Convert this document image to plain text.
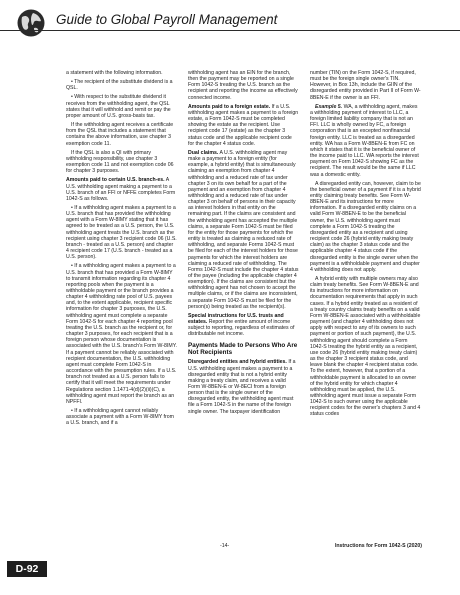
Guide to Global Payroll Management

a statement with the following information.

• The recipient of the substitute dividend is a QSL.

• With respect to the substitute dividend it receives from the withholding agent, the QSL states that it will withhold and remit or pay the proper amount of U.S. gross-basis tax.

If the withholding agent receives a certificate from the QSL that includes a statement that contains the above information, use chapter 3 exemption code 11.

If the QSL is also a QI with primary withholding responsibility, use chapter 3 exemption code 11 and not exemption code 06 for chapter 3 purposes.

Amounts paid to certain U.S. branch-es. A U.S. withholding agent making a payment to a U.S. branch of an FFI or NFFE completes Form 1042-S as follows.

• If a withholding agent makes a payment to a U.S. branch that has provided the withholding agent with a Form W-8IMY stating that it has agreed to be treated as a U.S. person, the U.S. withholding agent treats the U.S. branch as the recipient using chapter 3 recipient code 06 (U.S. branch - treated as a U.S. person) and chapter 4 recipient code 17 (U.S. branch - treated as a U.S. person).

• If a withholding agent makes a payment to a U.S. branch that has provided a Form W-8IMY to transmit information regarding its chapter 4 reporting pools when the payment is a withholdable payment or the branch provides a chapter 4 withholding rate pool of U.S. payees and, to the extent applicable, recipient specific information for chapter 3 purposes, the U.S. withholding agent must complete a separate Form 1042-S for each chapter 4 reporting pool treating the U.S. branch as the recipient or, for chapter 3 purposes, for each recipient that is a foreign person whose documentation is associated with the U.S. branch's Form W-8IMY. If a payment cannot be reliably associated with recipient documentation, the U.S. withholding agent must complete Form 1042-S in accordance with the presumption rules. If a U.S. branch not treated as a U.S. person fails to certify that it will meet the requirements under Regulations section 1.1471-4(d)(2)(ii)(C), a withholding agent must report the branch as an NPFFI.

• If a withholding agent cannot reliably associate a payment with a Form W-8IMY from a U.S. branch, and if a

withholding agent has an EIN for the branch, then the payment may be reported on a single Form 1042-S treating the U.S. branch as the recipient and reporting the income as effectively connected income.

Amounts paid to a foreign estate. If a U.S. withholding agent makes a payment to a foreign estate, a Form 1042-S must be completed showing the estate as the recipient. Use recipient code 17 (estate) as the chapter 3 status code and the applicable recipient code for the chapter 4 status code.

Dual claims. A U.S. withholding agent may make a payment to a foreign entity (for example, a hybrid entity) that is simultaneously claiming an exemption from chapter 4 withholding and a reduced rate of tax under chapter 3 on its own behalf for a part of the payment and an exemption from chapter 4 withholding and a reduced rate of tax under chapter 3 on behalf of persons in their capacity as interest holders in that entity on the remaining part. If the claims are consistent and the withholding agent has accepted the multiple claims, a separate Form 1042-S must be filed for the entity for those payments for which the entity is treated as claiming a reduced rate of withholding, and separate Forms 1042-S must be filed for each of the interest holders for those payments for which the interest holders are claiming a reduced rate of withholding. The Forms 1042-S must include the chapter 4 status of the payee (including the applicable chapter 4 exemption). If the claims are consistent but the withholding agent has not chosen to accept the multiple claims, or if the claims are inconsistent, a separate Form 1042-S must be filed for the person(s) being treated as the recipient(s).

Special instructions for U.S. trusts and estates. Report the entire amount of income subject to reporting, regardless of estimates of distributable net income.

Payments Made to Persons Who Are Not Recipients

Disregarded entities and hybrid entities. If a U.S. withholding agent makes a payment to a disregarded entity that is not a hybrid entity making a treaty claim, and receives a valid Form W-8BEN-E or W-8ECI from a foreign person that is the single owner of the disregarded entity, the withholding agent must file a Form 1042-S in the name of the foreign single owner. The taxpayer identification

number (TIN) on the Form 1042-S, if required, must be the foreign single owner's TIN. However, in Box 13h, include the GIIN of the disregarded entity provided in Part II of Form W-8BEN-E if the owner is an FFI.

Example 5. WA, a withholding agent, makes a withholding payment of interest to LLC, a foreign limited liability company that is not an FFI. LLC is wholly owned by FC, a foreign corporation that is an excepted nonfinancial foreign entity. LLC is treated as a disregarded entity. WA has a Form W-8BEN-E from FC on which it states that it is the beneficial owner of the income paid to LLC. WA reports the interest payment on Form 1042-S showing FC as the recipient. The result would be the same if LLC was a domestic entity.

A disregarded entity can, however, claim to be the beneficial owner of a payment if it is a hybrid entity claiming treaty benefits. See Form W-8BEN-E and its instructions for more information. If a disregarded entity claims on a valid Form W-8BEN-E to be the beneficial owner, the U.S. withholding agent must complete a Form 1042-S treating the disregarded entity as a recipient and using recipient code 26 (hybrid entity making treaty claim) as the chapter 3 status code and the applicable chapter 4 status code if the disregarded entity is the single owner when the payment is a withholdable payment and chapter 4 withholding does not apply.

A hybrid entity with multiple owners may also claim treaty benefits. See Form W-8BEN-E and its instructions for more information on documentation requirements that apply in such cases. If a hybrid entity treated as a resident of a treaty country claims treaty benefits on a valid Form W-8BEN-E associated with a withholdable payment (and chapter 4 withholding does not apply with respect to any of its owners to such payment or portion of such payment), the U.S. withholding agent should complete a Form 1042-S treating the hybrid entity as a recipient, use code 26 (hybrid entity making treaty claim) as the chapter 3 recipient status code, and leave blank the chapter 4 recipient status code. To the extent, however, that a portion of a withholdable payment is allocated to an owner of the hybrid entity for which chapter 4 withholding must be applied, the U.S. withholding agent must issue a separate Form 1042-S to such owner using the applicable recipient codes for the owner's chapters 3 and 4 status codes

-14-	Instructions for Form 1042-S (2020)
D-92
